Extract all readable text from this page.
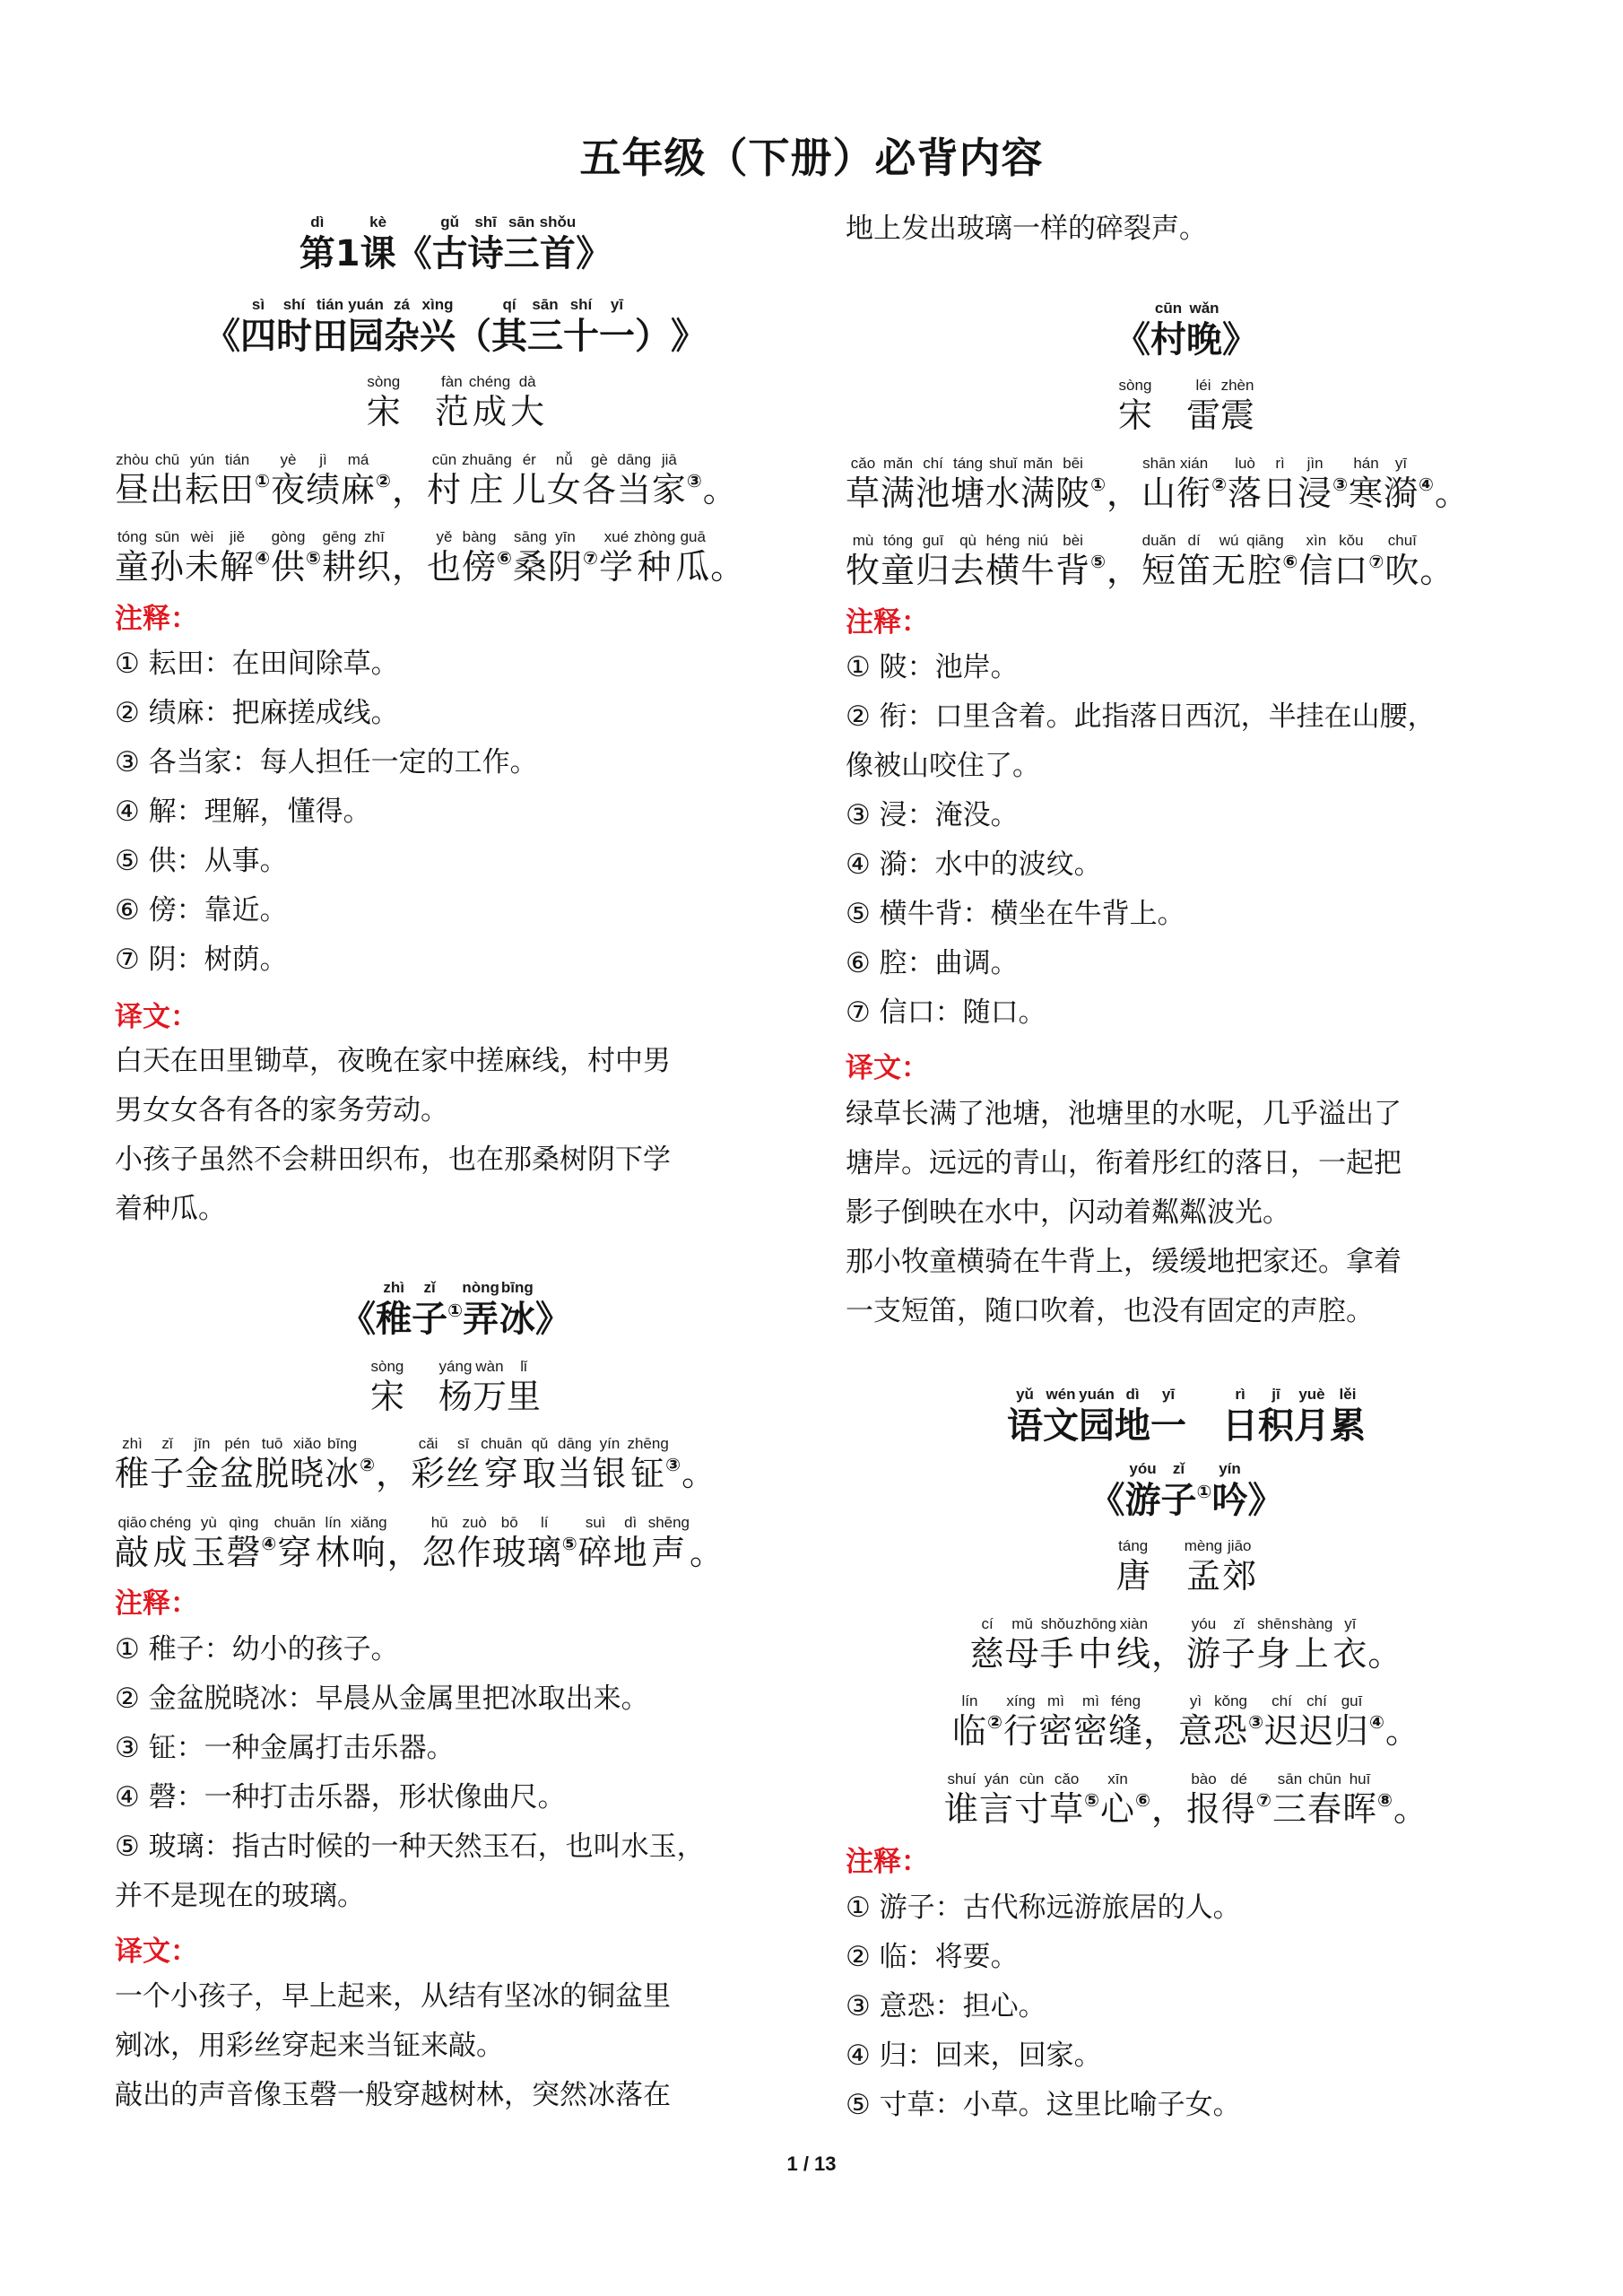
五年级（下册）必背内容
第dì1 课kè《 古gǔ诗shī三sān首shǒu》
《 四sì时shí田tián园yuán杂zá兴xìng（ 其qí三sān十shí一yī） 》
宋sòng　 范fàn成chéng大dà
昼zhòu出chū耘yún田tián①夜yè绩jì麻má②， 村cūn庄zhuāng儿ér女nǚ各gè当dāng家jiā③。
童tóng孙sūn未wèi解jiě④供gòng⑤耕gēng织zhī， 也yě傍bàng⑥桑sāng阴yīn⑦学xué种zhòng瓜guā。
注释：
① 耘田：在田间除草。
② 绩麻：把麻搓成线。
③ 各当家：每人担任一定的工作。
④ 解：理解，懂得。
⑤ 供：从事。
⑥ 傍：靠近。
⑦ 阴：树荫。
译文：
白天在田里锄草，夜晚在家中搓麻线，村中男
男女女各有各的家务劳动。
小孩子虽然不会耕田织布，也在那桑树阴下学
着种瓜。
《 稚zhì子zǐ①弄nòng冰bīng》
宋sòng　 杨yáng万wàn里lǐ
稚zhì子zǐ金jīn盆pén脱tuō晓xiǎo冰bīng②， 彩cǎi丝sī穿chuān取qǔ当dāng银yín钲zhēng③。
敲qiāo成chéng玉yù磬qìng④穿chuān林lín响xiǎng， 忽hū作zuò玻bō璃lí⑤碎suì地dì声shēng。
注释：
① 稚子：幼小的孩子。
② 金盆脱晓冰：早晨从金属里把冰取出来。
③ 钲：一种金属打击乐器。
④ 磬：一种打击乐器，形状像曲尺。
⑤ 玻璃：指古时候的一种天然玉石，也叫水玉，
并不是现在的玻璃。
译文：
一个小孩子，早上起来，从结有坚冰的铜盆里
剜冰，用彩丝穿起来当钲来敲。
敲出的声音像玉磬一般穿越树林，突然冰落在
地上发出玻璃一样的碎裂声。
《 村cūn晚wǎn》
宋sòng　 雷léi震zhèn
草cǎo满mǎn池chí塘táng水shuǐ满mǎn陂bēi①， 山shān衔xián②落luò日rì浸jìn③寒hán漪yī④。
牧mù童tóng归guī去qù横héng牛niú背bèi⑤， 短duǎn笛dí无wú腔qiāng⑥信xìn口kǒu⑦吹chuī。
注释：
① 陂：池岸。
② 衔：口里含着。此指落日西沉，半挂在山腰，
像被山咬住了。
③ 浸：淹没。
④ 漪：水中的波纹。
⑤ 横牛背：横坐在牛背上。
⑥ 腔：曲调。
⑦ 信口：随口。
译文：
绿草长满了池塘，池塘里的水呢，几乎溢出了
塘岸。远远的青山，衔着彤红的落日，一起把
影子倒映在水中，闪动着粼粼波光。
那小牧童横骑在牛背上，缓缓地把家还。拿着
一支短笛，随口吹着，也没有固定的声腔。
语yǔ文wén园yuán地dì一yī　 日rì积jī月yuè累lěi
《 游yóu子zǐ①吟yín》
唐táng　 孟mèng郊jiāo
慈cí母mǔ手shǒu中zhōng线xiàn， 游yóu子zǐ身shēn上shàng衣yī。
临lín②行xíng密mì密mì缝féng， 意yì恐kǒng③迟chí迟chí归guī④。
谁shuí言yán寸cùn草cǎo⑤心xīn⑥， 报bào得dé⑦三sān春chūn晖huī⑧。
注释：
① 游子：古代称远游旅居的人。
② 临：将要。
③ 意恐：担心。
④ 归：回来，回家。
⑤ 寸草：小草。这里比喻子女。
1 / 13
